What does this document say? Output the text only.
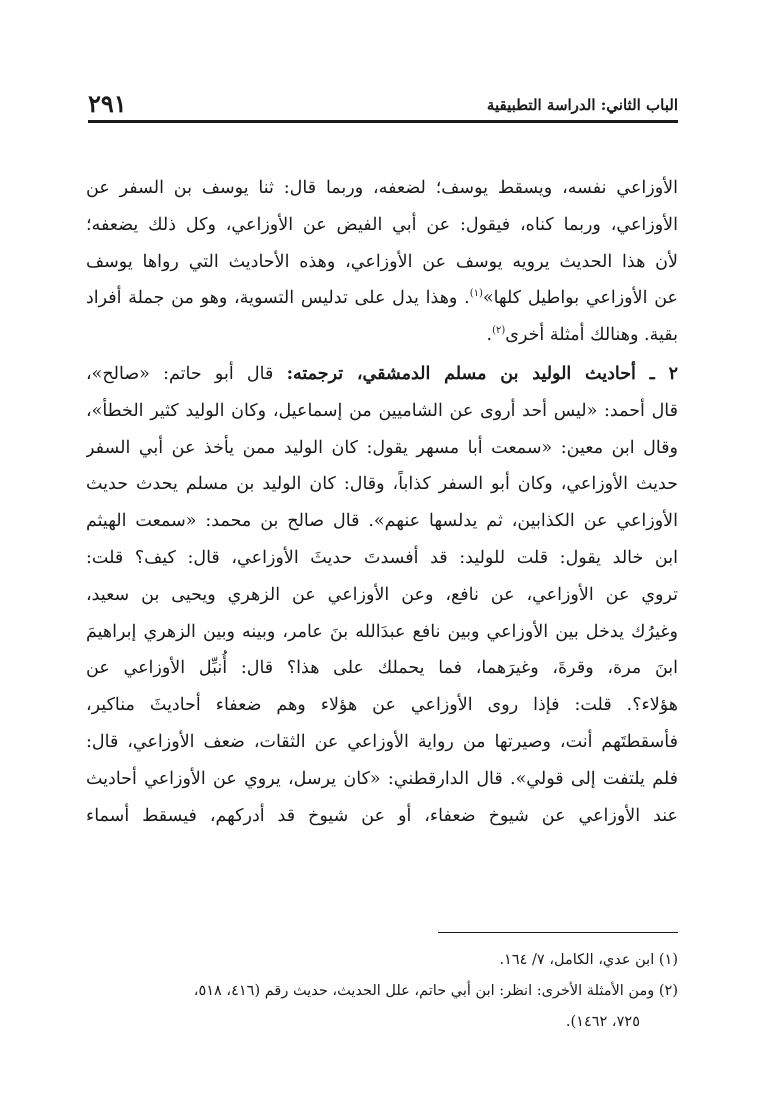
الباب الثاني: الدراسة التطبيقية
٢٩١
الأوزاعي نفسه، ويسقط يوسف؛ لضعفه، وربما قال: ثنا يوسف بن السفر عن
الأوزاعي، وربما كناه، فيقول: عن أبي الفيض عن الأوزاعي، وكل ذلك يضعفه؛
لأن هذا الحديث يرويه يوسف عن الأوزاعي، وهذه الأحاديث التي رواها يوسف
عن الأوزاعي بواطيل كلها»$^{(١)}$. وهذا يدل على تدليس التسوية، وهو من جملة أفراد
بقية. وهنالك أمثلة أخرى$^{(٢)}$.
٢ ـ أحاديث الوليد بن مسلم الدمشقي، ترجمته: قال أبو حاتم: «صالح»،
قال أحمد: «ليس أحد أروى عن الشاميين من إسماعيل، وكان الوليد كثير الخطأ»،
وقال ابن معين: «سمعت أبا مسهر يقول: كان الوليد ممن يأخذ عن أبي السفر
حديث الأوزاعي، وكان أبو السفر كذاباً، وقال: كان الوليد بن مسلم يحدث حديث
الأوزاعي عن الكذابين، ثم يدلسها عنهم». قال صالح بن محمد: «سمعت الهيثم
ابن خالد يقول: قلت للوليد: قد أفسدتَ حديثَ الأوزاعي، قال: كيف؟ قلت:
تروي عن الأوزاعي، عن نافع، وعن الأوزاعي عن الزهري ويحيى بن سعيد،
وغيرُك يدخل بين الأوزاعي وبين نافع عبدَالله بنَ عامر، وبينه وبين الزهري إبراهيمَ
ابنَ مرة، وقرةَ، وغيرَهما، فما يحملك على هذا؟ قال: أُنبِّل الأوزاعي عن
هؤلاء؟. قلت: فإذا روى الأوزاعي عن هؤلاء وهم ضعفاء أحاديثَ مناكير،
فأسقطتَهم أنت، وصيرتها من رواية الأوزاعي عن الثقات، ضعف الأوزاعي، قال:
فلم يلتفت إلى قولي». قال الدارقطني: «كان يرسل، يروي عن الأوزاعي أحاديث
عند الأوزاعي عن شيوخ ضعفاء، أو عن شيوخ قد أدركهم، فيسقط أسماء
(١) ابن عدي، الكامل، ٧/ ١٦٤.
(٢) ومن الأمثلة الأخرى: انظر: ابن أبي حاتم، علل الحديث، حديث رقم (٤١٦، ٥١٨،
٧٢٥، ١٤٦٢).
